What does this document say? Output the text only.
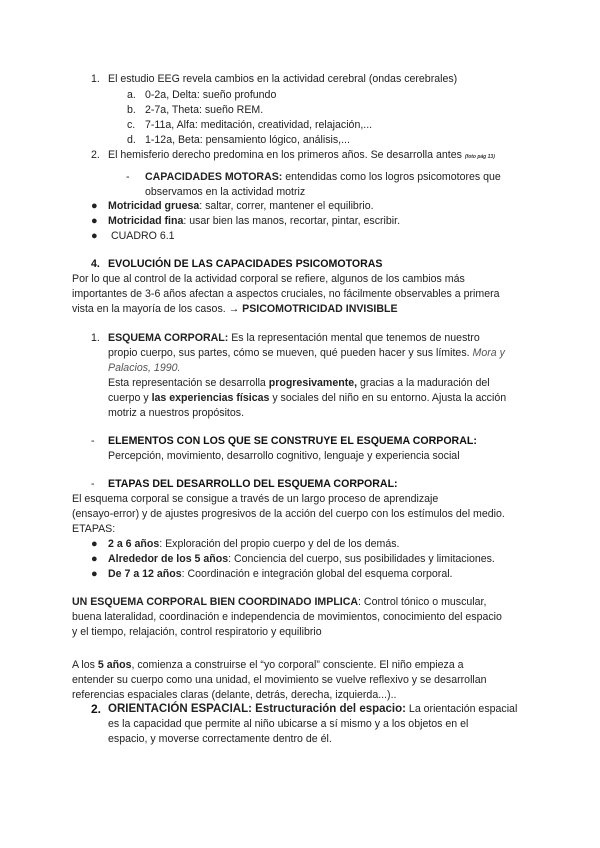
1. El estudio EEG revela cambios en la actividad cerebral (ondas cerebrales)
a. 0-2a, Delta: sueño profundo
b. 2-7a, Theta: sueño REM.
c. 7-11a, Alfa: meditación, creatividad, relajación,...
d. 1-12a, Beta: pensamiento lógico, análisis,...
2. El hemisferio derecho predomina en los primeros años. Se desarrolla antes (foto pág 13)
- CAPACIDADES MOTORAS: entendidas como los logros psicomotores que
observamos en la actividad motriz
● Motricidad gruesa: saltar, correr, mantener el equilibrio.
● Motricidad fina: usar bien las manos, recortar, pintar, escribir.
● CUADRO 6.1
4. EVOLUCIÓN DE LAS CAPACIDADES PSICOMOTORAS
Por lo que al control de la actividad corporal se refiere, algunos de los cambios más
importantes de 3-6 años afectan a aspectos cruciales, no fácilmente observables a primera
vista en la mayoría de los casos. → PSICOMOTRICIDAD INVISIBLE
1. ESQUEMA CORPORAL: Es la representación mental que tenemos de nuestro
propio cuerpo, sus partes, cómo se mueven, qué pueden hacer y sus límites. Mora y
Palacios, 1990.
Esta representación se desarrolla progresivamente, gracias a la maduración del
cuerpo y las experiencias físicas y sociales del niño en su entorno. Ajusta la acción
motriz a nuestros propósitos.
- ELEMENTOS CON LOS QUE SE CONSTRUYE EL ESQUEMA CORPORAL:
Percepción, movimiento, desarrollo cognitivo, lenguaje y experiencia social
- ETAPAS DEL DESARROLLO DEL ESQUEMA CORPORAL:
El esquema corporal se consigue a través de un largo proceso de aprendizaje
(ensayo-error) y de ajustes progresivos de la acción del cuerpo con los estímulos del medio.
ETAPAS:
● 2 a 6 años: Exploración del propio cuerpo y del de los demás.
● Alrededor de los 5 años: Conciencia del cuerpo, sus posibilidades y limitaciones.
● De 7 a 12 años: Coordinación e integración global del esquema corporal.
UN ESQUEMA CORPORAL BIEN COORDINADO IMPLICA: Control tónico o muscular,
buena lateralidad, coordinación e independencia de movimientos, conocimiento del espacio
y el tiempo, relajación, control respiratorio y equilibrio
A los 5 años, comienza a construirse el “yo corporal” consciente. El niño empieza a
entender su cuerpo como una unidad, el movimiento se vuelve reflexivo y se desarrollan
referencias espaciales claras (delante, detrás, derecha, izquierda...)..
2. ORIENTACIÓN ESPACIAL: Estructuración del espacio: La orientación espacial
es la capacidad que permite al niño ubicarse a sí mismo y a los objetos en el
espacio, y moverse correctamente dentro de él.
